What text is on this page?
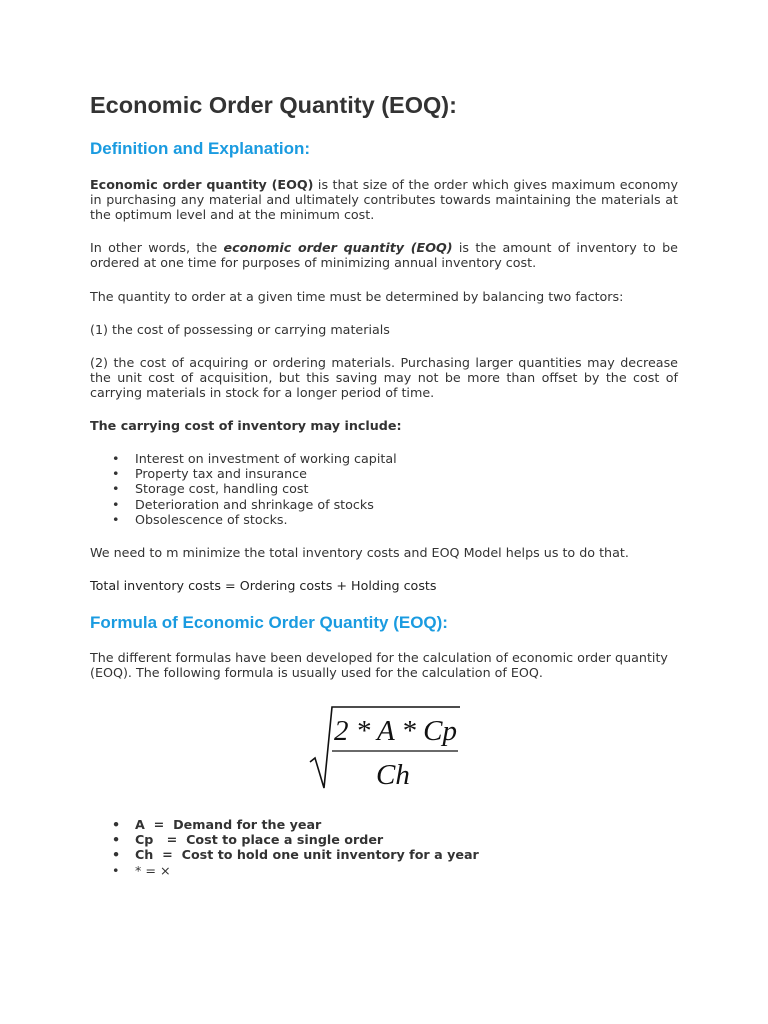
Economic Order Quantity (EOQ):
Definition and Explanation:

Economic order quantity (EOQ) is that size of the order which gives maximum economy in purchasing any material and ultimately contributes towards maintaining the materials at the optimum level and at the minimum cost.

In other words, the economic order quantity (EOQ) is the amount of inventory to be ordered at one time for purposes of minimizing annual inventory cost.

The quantity to order at a given time must be determined by balancing two factors:

(1) the cost of possessing or carrying materials

(2) the cost of acquiring or ordering materials. Purchasing larger quantities may decrease the unit cost of acquisition, but this saving may not be more than offset by the cost of carrying materials in stock for a longer period of time.

The carrying cost of inventory may include:

• Interest on investment of working capital
• Property tax and insurance
• Storage cost, handling cost
• Deterioration and shrinkage of stocks
• Obsolescence of stocks.

We need to m minimize the total inventory costs and EOQ Model helps us to do that.

Total inventory costs = Ordering costs + Holding costs

Formula of Economic Order Quantity (EOQ):

The different formulas have been developed for the calculation of economic order quantity (EOQ). The following formula is usually used for the calculation of EOQ.

2 * A * Cp
Ch
• A  =  Demand for the year
• Cp   =  Cost to place a single order
• Ch  =  Cost to hold one unit inventory for a year
• * = ×
